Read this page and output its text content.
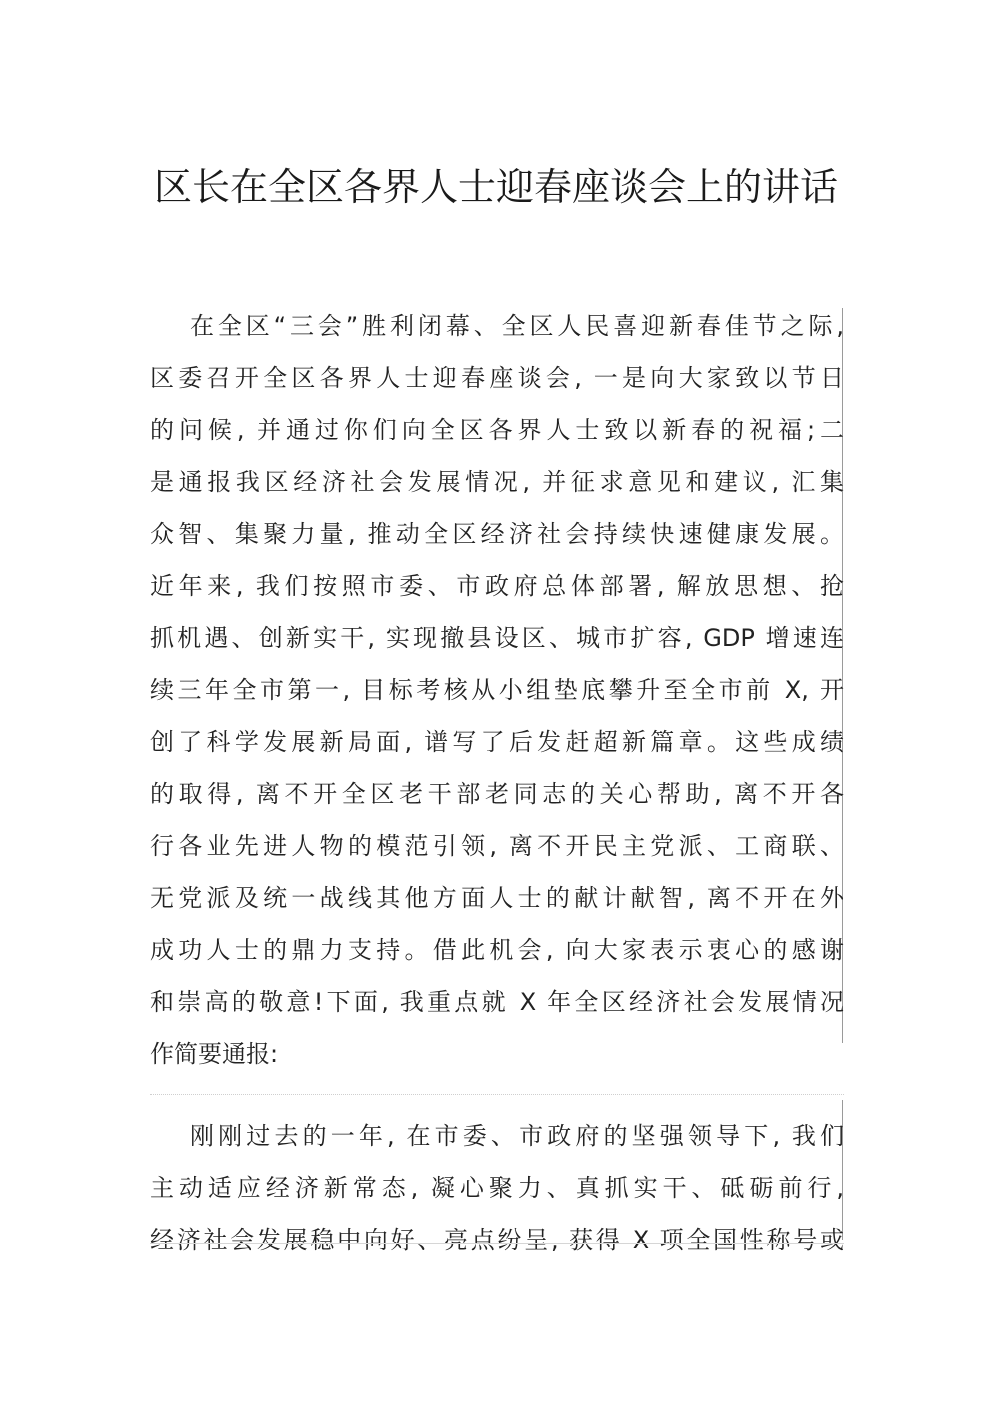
区长在全区各界人士迎春座谈会上的讲话
在全区“三会”胜利闭幕、全区人民喜迎新春佳节之际,
区委召开全区各界人士迎春座谈会, 一是向大家致以节日
的问候, 并通过你们向全区各界人士致以新春的祝福;二
是通报我区经济社会发展情况, 并征求意见和建议, 汇集
众智、集聚力量, 推动全区经济社会持续快速健康发展。
近年来, 我们按照市委、市政府总体部署, 解放思想、抢
抓机遇、创新实干, 实现撤县设区、城市扩容, GDP 增速连
续三年全市第一, 目标考核从小组垫底攀升至全市前 X, 开
创了科学发展新局面, 谱写了后发赶超新篇章。这些成绩
的取得, 离不开全区老干部老同志的关心帮助, 离不开各
行各业先进人物的模范引领, 离不开民主党派、工商联、
无党派及统一战线其他方面人士的献计献智, 离不开在外
成功人士的鼎力支持。借此机会, 向大家表示衷心的感谢
和崇高的敬意!下面, 我重点就 X 年全区经济社会发展情况
作简要通报:
刚刚过去的一年, 在市委、市政府的坚强领导下, 我们
主动适应经济新常态, 凝心聚力、真抓实干、砥砺前行,
经济社会发展稳中向好、亮点纷呈, 获得 X 项全国性称号或
